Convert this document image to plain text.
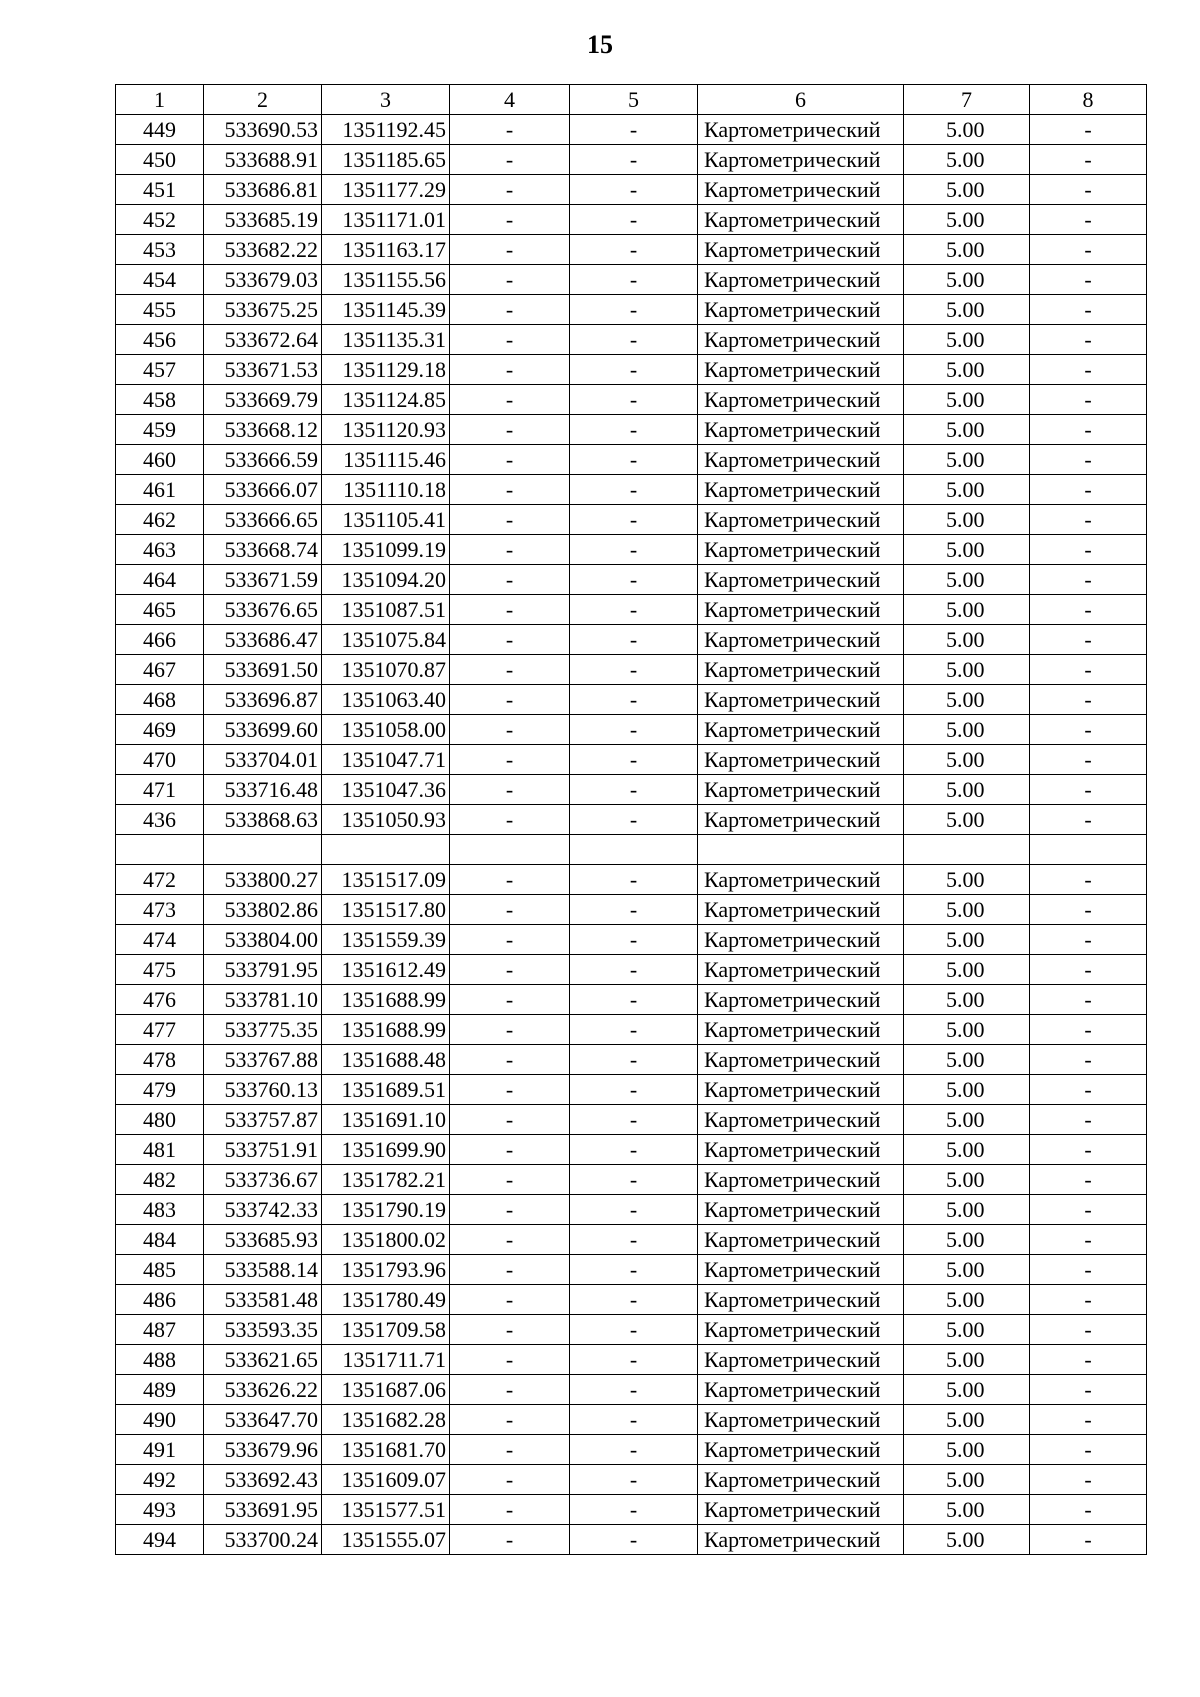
15
1	2	3	4	5	6	7	8
449	533690.53	1351192.45	-	-	Картометрический	5.00	-
450	533688.91	1351185.65	-	-	Картометрический	5.00	-
451	533686.81	1351177.29	-	-	Картометрический	5.00	-
452	533685.19	1351171.01	-	-	Картометрический	5.00	-
453	533682.22	1351163.17	-	-	Картометрический	5.00	-
454	533679.03	1351155.56	-	-	Картометрический	5.00	-
455	533675.25	1351145.39	-	-	Картометрический	5.00	-
456	533672.64	1351135.31	-	-	Картометрический	5.00	-
457	533671.53	1351129.18	-	-	Картометрический	5.00	-
458	533669.79	1351124.85	-	-	Картометрический	5.00	-
459	533668.12	1351120.93	-	-	Картометрический	5.00	-
460	533666.59	1351115.46	-	-	Картометрический	5.00	-
461	533666.07	1351110.18	-	-	Картометрический	5.00	-
462	533666.65	1351105.41	-	-	Картометрический	5.00	-
463	533668.74	1351099.19	-	-	Картометрический	5.00	-
464	533671.59	1351094.20	-	-	Картометрический	5.00	-
465	533676.65	1351087.51	-	-	Картометрический	5.00	-
466	533686.47	1351075.84	-	-	Картометрический	5.00	-
467	533691.50	1351070.87	-	-	Картометрический	5.00	-
468	533696.87	1351063.40	-	-	Картометрический	5.00	-
469	533699.60	1351058.00	-	-	Картометрический	5.00	-
470	533704.01	1351047.71	-	-	Картометрический	5.00	-
471	533716.48	1351047.36	-	-	Картометрический	5.00	-
436	533868.63	1351050.93	-	-	Картометрический	5.00	-

472	533800.27	1351517.09	-	-	Картометрический	5.00	-
473	533802.86	1351517.80	-	-	Картометрический	5.00	-
474	533804.00	1351559.39	-	-	Картометрический	5.00	-
475	533791.95	1351612.49	-	-	Картометрический	5.00	-
476	533781.10	1351688.99	-	-	Картометрический	5.00	-
477	533775.35	1351688.99	-	-	Картометрический	5.00	-
478	533767.88	1351688.48	-	-	Картометрический	5.00	-
479	533760.13	1351689.51	-	-	Картометрический	5.00	-
480	533757.87	1351691.10	-	-	Картометрический	5.00	-
481	533751.91	1351699.90	-	-	Картометрический	5.00	-
482	533736.67	1351782.21	-	-	Картометрический	5.00	-
483	533742.33	1351790.19	-	-	Картометрический	5.00	-
484	533685.93	1351800.02	-	-	Картометрический	5.00	-
485	533588.14	1351793.96	-	-	Картометрический	5.00	-
486	533581.48	1351780.49	-	-	Картометрический	5.00	-
487	533593.35	1351709.58	-	-	Картометрический	5.00	-
488	533621.65	1351711.71	-	-	Картометрический	5.00	-
489	533626.22	1351687.06	-	-	Картометрический	5.00	-
490	533647.70	1351682.28	-	-	Картометрический	5.00	-
491	533679.96	1351681.70	-	-	Картометрический	5.00	-
492	533692.43	1351609.07	-	-	Картометрический	5.00	-
493	533691.95	1351577.51	-	-	Картометрический	5.00	-
494	533700.24	1351555.07	-	-	Картометрический	5.00	-
